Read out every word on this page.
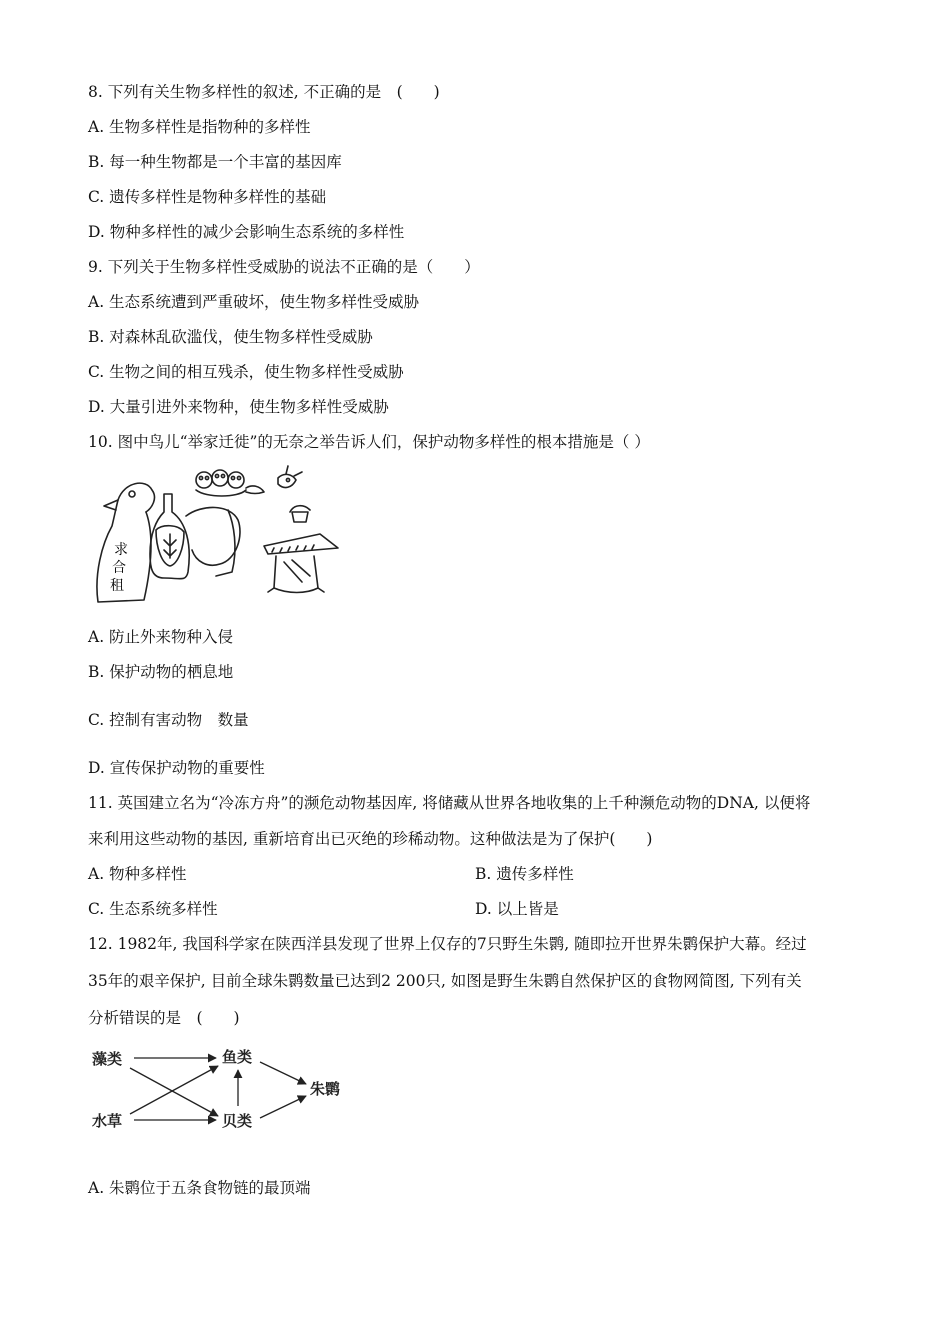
8. 下列有关生物多样性的叙述, 不正确的是　(　　)
A. 生物多样性是指物种的多样性
B. 每一种生物都是一个丰富的基因库
C. 遗传多样性是物种多样性的基础
D. 物种多样性的减少会影响生态系统的多样性
9. 下列关于生物多样性受威胁的说法不正确的是（　　）
A. 生态系统遭到严重破坏，使生物多样性受威胁
B. 对森林乱砍滥伐，使生物多样性受威胁
C. 生物之间的相互残杀，使生物多样性受威胁
D. 大量引进外来物种，使生物多样性受威胁
10. 图中鸟儿“举家迁徙”的无奈之举告诉人们，保护动物多样性的根本措施是（ ）
求
合
租
A. 防止外来物种入侵
B. 保护动物的栖息地
C. 控制有害动物　数量
D. 宣传保护动物的重要性
11. 英国建立名为“冷冻方舟”的濒危动物基因库, 将储藏从世界各地收集的上千种濒危动物的DNA, 以便将
来利用这些动物的基因, 重新培育出已灭绝的珍稀动物。这种做法是为了保护(　　)
A. 物种多样性	B. 遗传多样性
C. 生态系统多样性	D. 以上皆是
12. 1982年, 我国科学家在陕西洋县发现了世界上仅存的7只野生朱鹮, 随即拉开世界朱鹮保护大幕。经过
35年的艰辛保护, 目前全球朱鹮数量已达到2 200只, 如图是野生朱鹮自然保护区的食物网简图, 下列有关
分析错误的是　(　　)
藻类
水草
鱼类
贝类
朱鹮
A. 朱鹮位于五条食物链的最顶端
